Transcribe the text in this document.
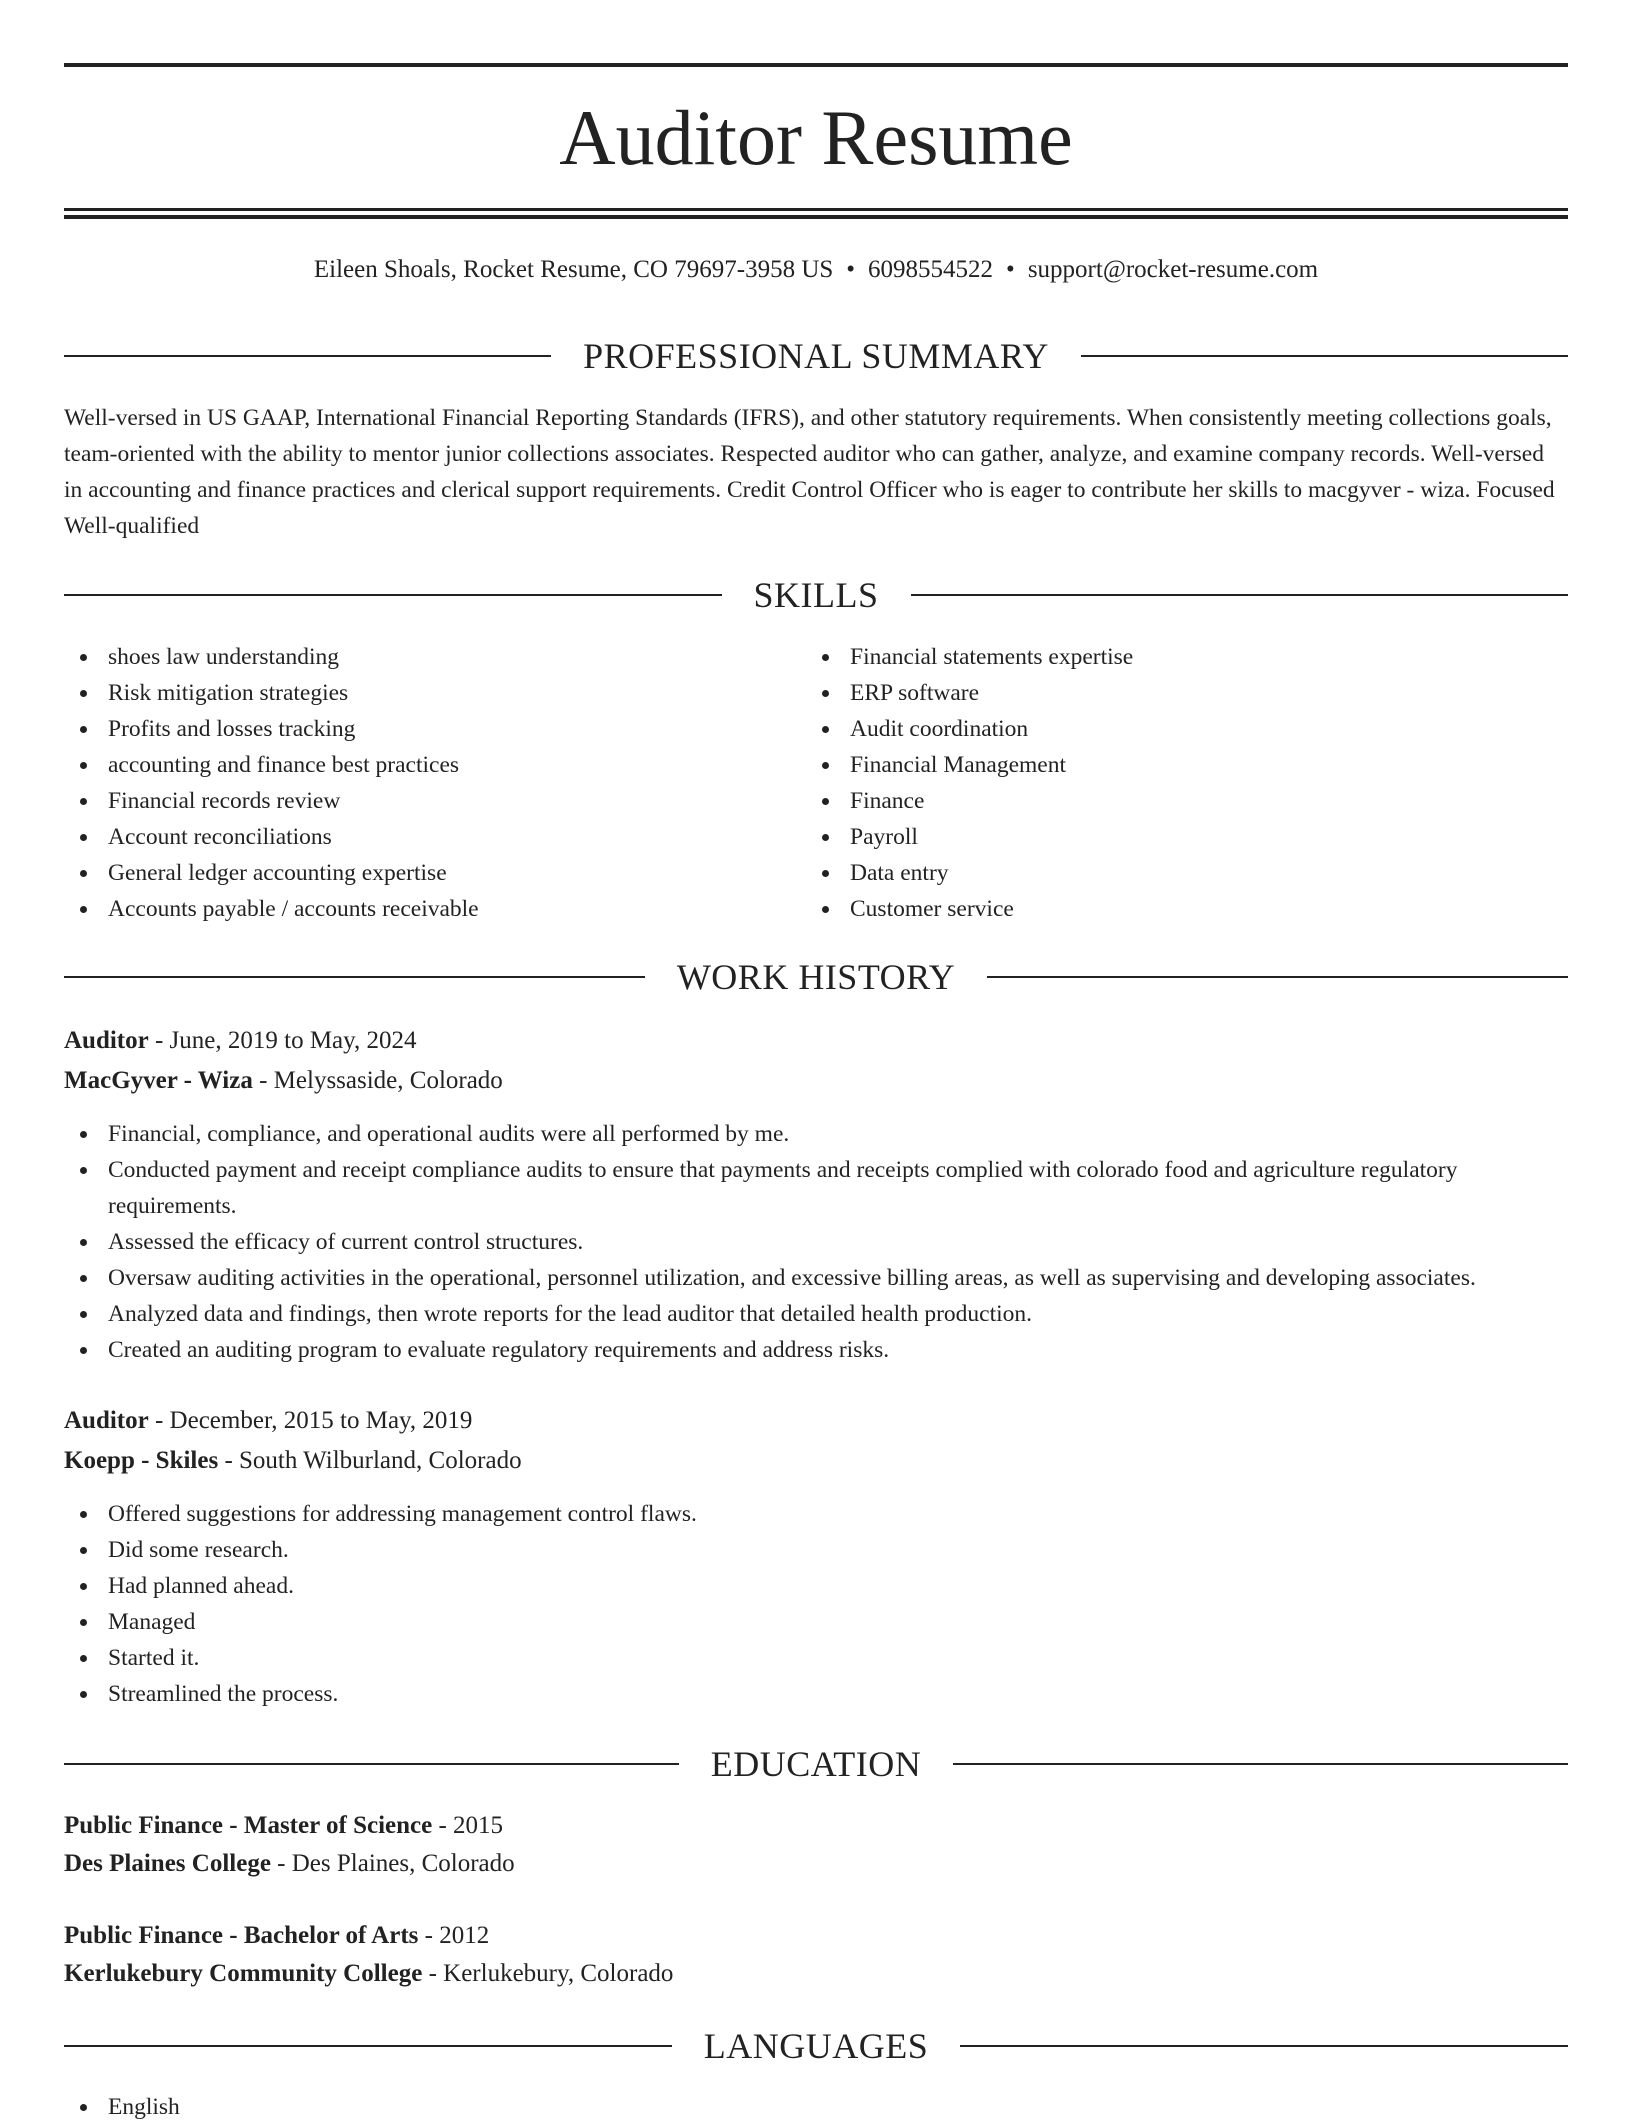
Auditor Resume
Eileen Shoals, Rocket Resume, CO 79697-3958 US • 6098554522 • support@rocket-resume.com
PROFESSIONAL SUMMARY

Well-versed in US GAAP, International Financial Reporting Standards (IFRS), and other statutory requirements. When consistently meeting collections goals, team-oriented with the ability to mentor junior collections associates. Respected auditor who can gather, analyze, and examine company records. Well-versed in accounting and finance practices and clerical support requirements. Credit Control Officer who is eager to contribute her skills to macgyver - wiza. Focused Well-qualified

SKILLS
shoes law understanding
Risk mitigation strategies
Profits and losses tracking
accounting and finance best practices
Financial records review
Account reconciliations
General ledger accounting expertise
Accounts payable / accounts receivable
Financial statements expertise
ERP software
Audit coordination
Financial Management
Finance
Payroll
Data entry
Customer service
WORK HISTORY
Auditor - June, 2019 to May, 2024
MacGyver - Wiza - Melyssaside, Colorado
Financial, compliance, and operational audits were all performed by me.
Conducted payment and receipt compliance audits to ensure that payments and receipts complied with colorado food and agriculture regulatory requirements.
Assessed the efficacy of current control structures.
Oversaw auditing activities in the operational, personnel utilization, and excessive billing areas, as well as supervising and developing associates.
Analyzed data and findings, then wrote reports for the lead auditor that detailed health production.
Created an auditing program to evaluate regulatory requirements and address risks.
Auditor - December, 2015 to May, 2019
Koepp - Skiles - South Wilburland, Colorado
Offered suggestions for addressing management control flaws.
Did some research.
Had planned ahead.
Managed
Started it.
Streamlined the process.
EDUCATION
Public Finance - Master of Science - 2015
Des Plaines College - Des Plaines, Colorado
Public Finance - Bachelor of Arts - 2012
Kerlukebury Community College - Kerlukebury, Colorado
LANGUAGES
English
